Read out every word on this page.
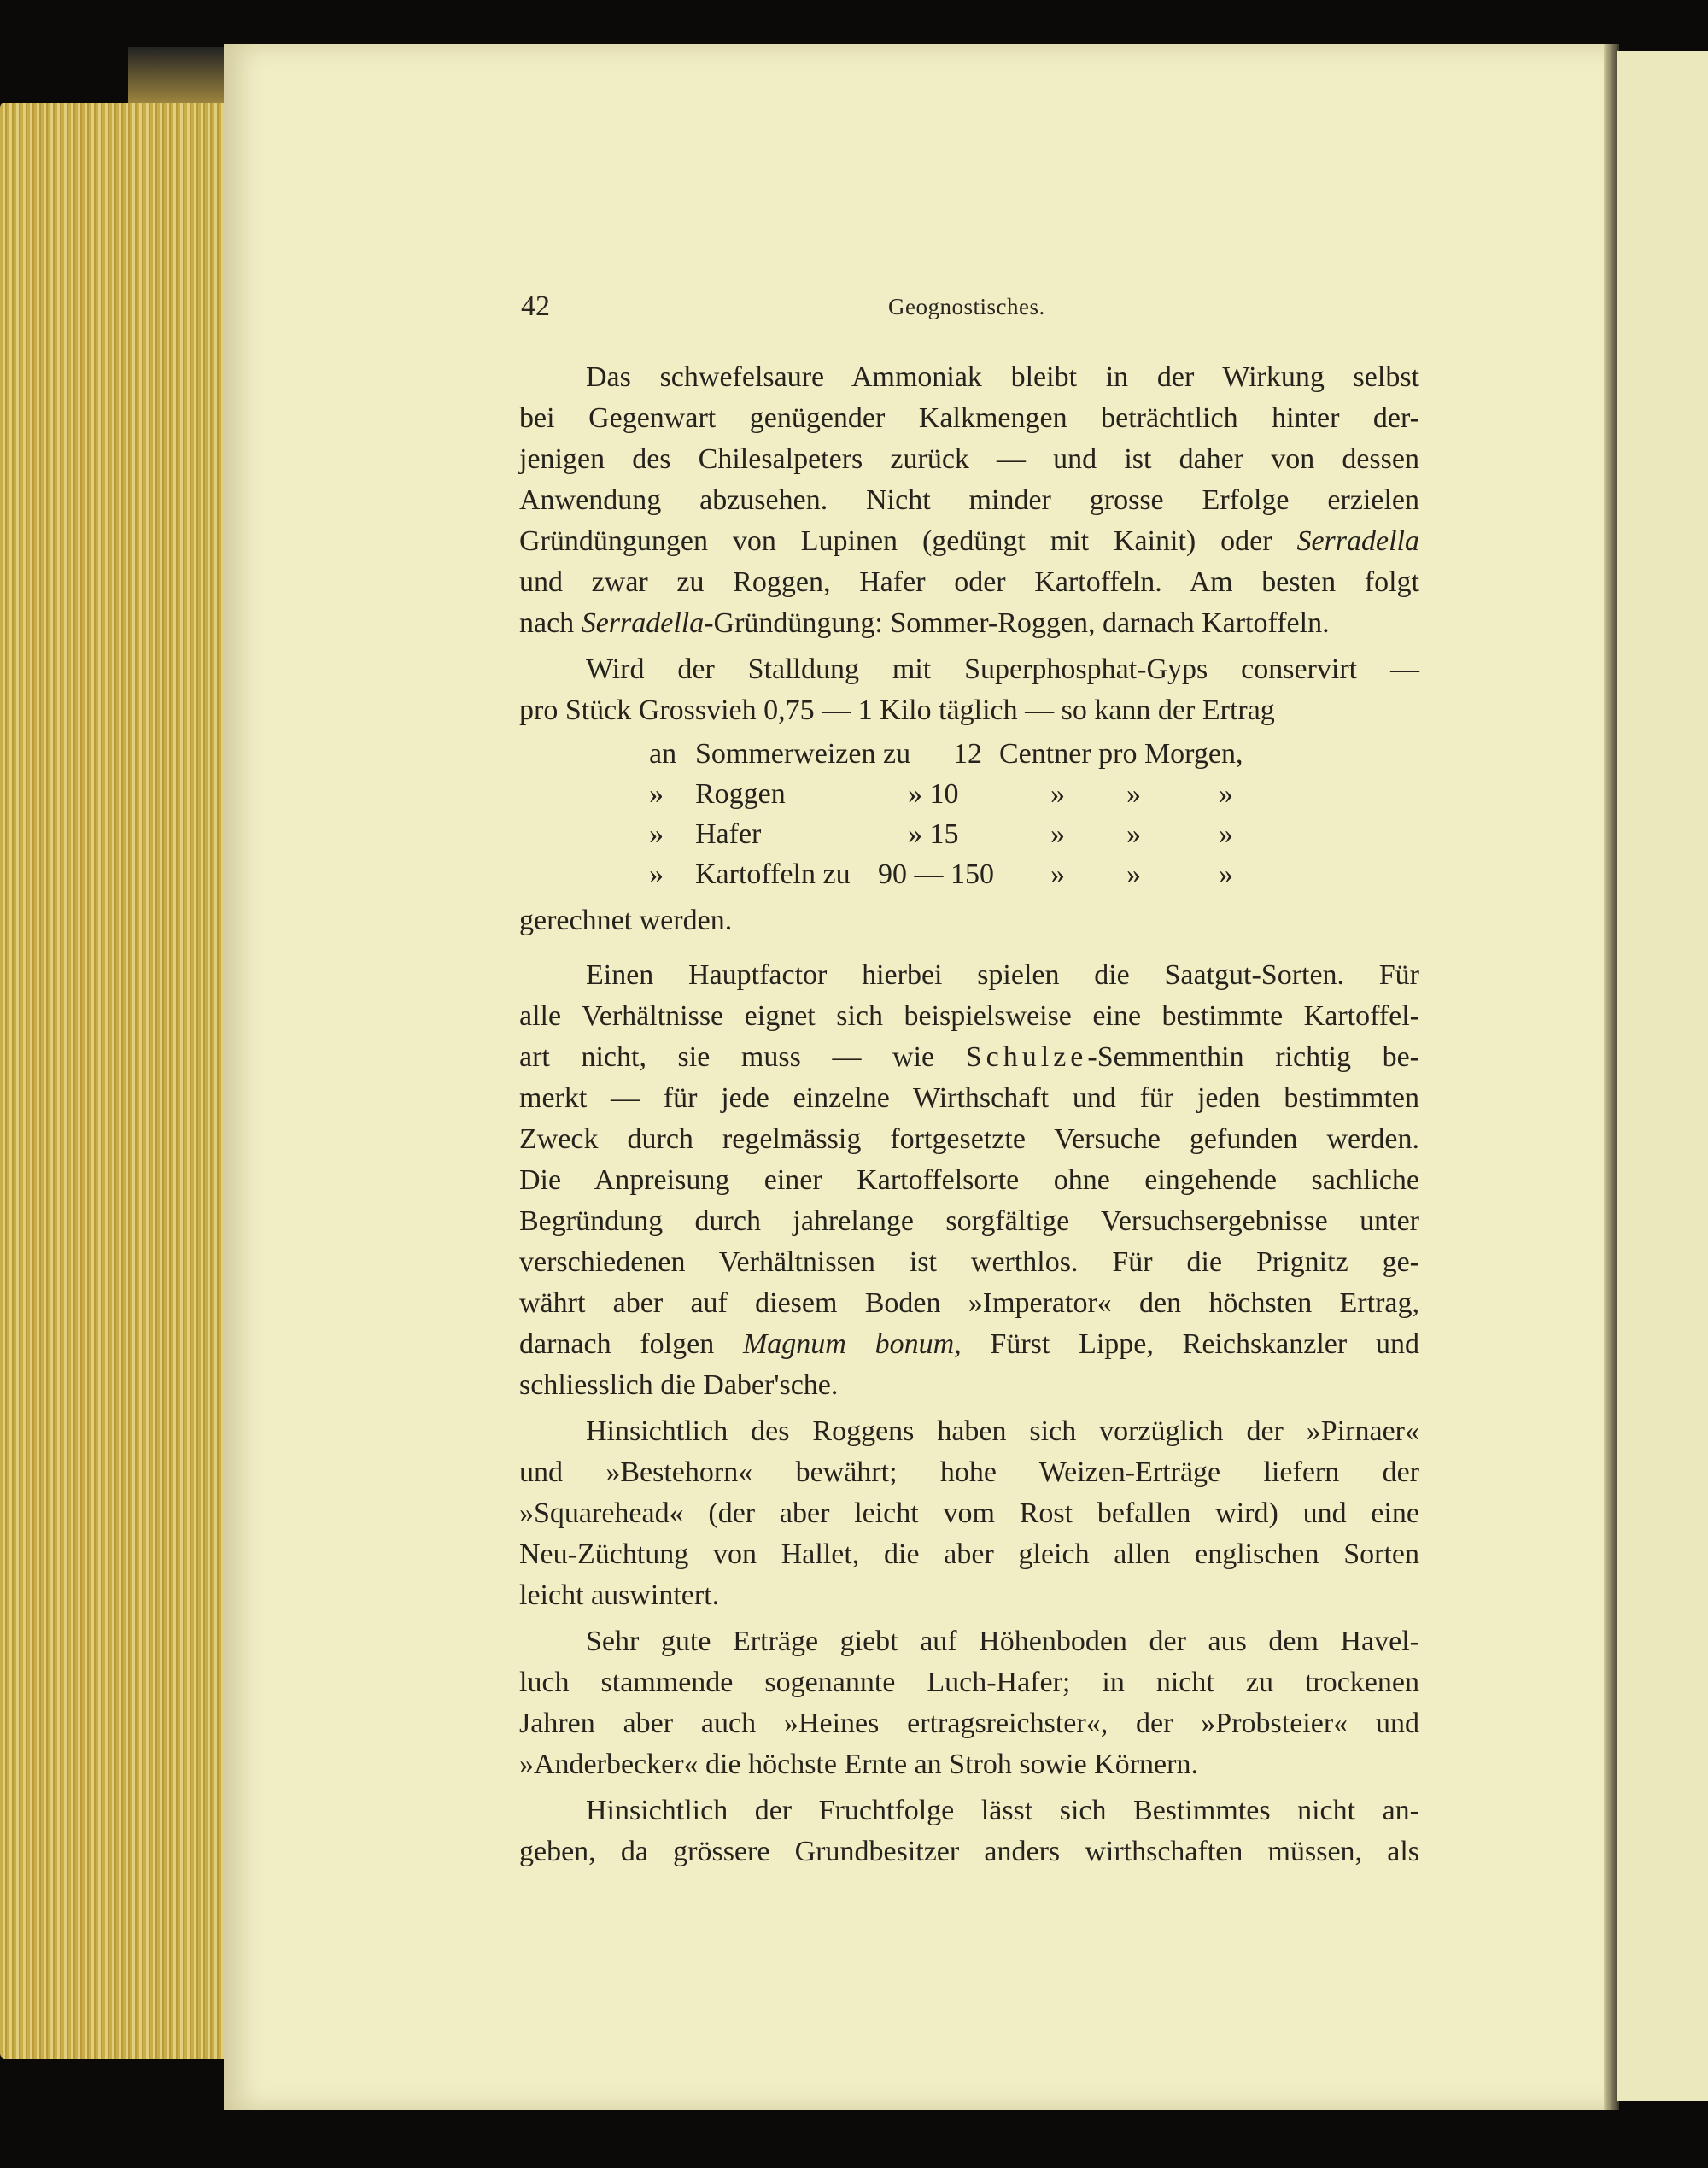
42	Geognostisches.
Das schwefelsaure Ammoniak bleibt in der Wirkung selbst
bei Gegenwart genügender Kalkmengen beträchtlich hinter der-
jenigen des Chilesalpeters zurück — und ist daher von dessen
Anwendung abzusehen. Nicht minder grosse Erfolge erzielen
Gründüngungen von Lupinen (gedüngt mit Kainit) oder Serradella
und zwar zu Roggen, Hafer oder Kartoffeln. Am besten folgt
nach Serradella-Gründüngung: Sommer-Roggen, darnach Kartoffeln.
Wird der Stalldung mit Superphosphat-Gyps conservirt —
pro Stück Grossvieh 0,75 — 1 Kilo täglich — so kann der Ertrag
an Sommerweizen zu 12 Centner pro Morgen,
» Roggen	» 10	» »	»
» Hafer	» 15	» »	»
» Kartoffeln zu 90 — 150 » »	»
gerechnet werden.
Einen Hauptfactor hierbei spielen die Saatgut-Sorten. Für
alle Verhältnisse eignet sich beispielsweise eine bestimmte Kartoffel-
art nicht, sie muss — wie Schulze-Semmenthin richtig be-
merkt — für jede einzelne Wirthschaft und für jeden bestimmten
Zweck durch regelmässig fortgesetzte Versuche gefunden werden.
Die Anpreisung einer Kartoffelsorte ohne eingehende sachliche
Begründung durch jahrelange sorgfältige Versuchsergebnisse unter
verschiedenen Verhältnissen ist werthlos. Für die Prignitz ge-
währt aber auf diesem Boden »Imperator« den höchsten Ertrag,
darnach folgen Magnum bonum, Fürst Lippe, Reichskanzler und
schliesslich die Daber'sche.
Hinsichtlich des Roggens haben sich vorzüglich der »Pirnaer«
und »Bestehorn« bewährt; hohe Weizen-Erträge liefern der
»Squarehead« (der aber leicht vom Rost befallen wird) und eine
Neu-Züchtung von Hallet, die aber gleich allen englischen Sorten
leicht auswintert.
Sehr gute Erträge giebt auf Höhenboden der aus dem Havel-
luch stammende sogenannte Luch-Hafer; in nicht zu trockenen
Jahren aber auch »Heines ertragsreichster«, der »Probsteier« und
»Anderbecker« die höchste Ernte an Stroh sowie Körnern.
Hinsichtlich der Fruchtfolge lässt sich Bestimmtes nicht an-
geben, da grössere Grundbesitzer anders wirthschaften müssen, als
